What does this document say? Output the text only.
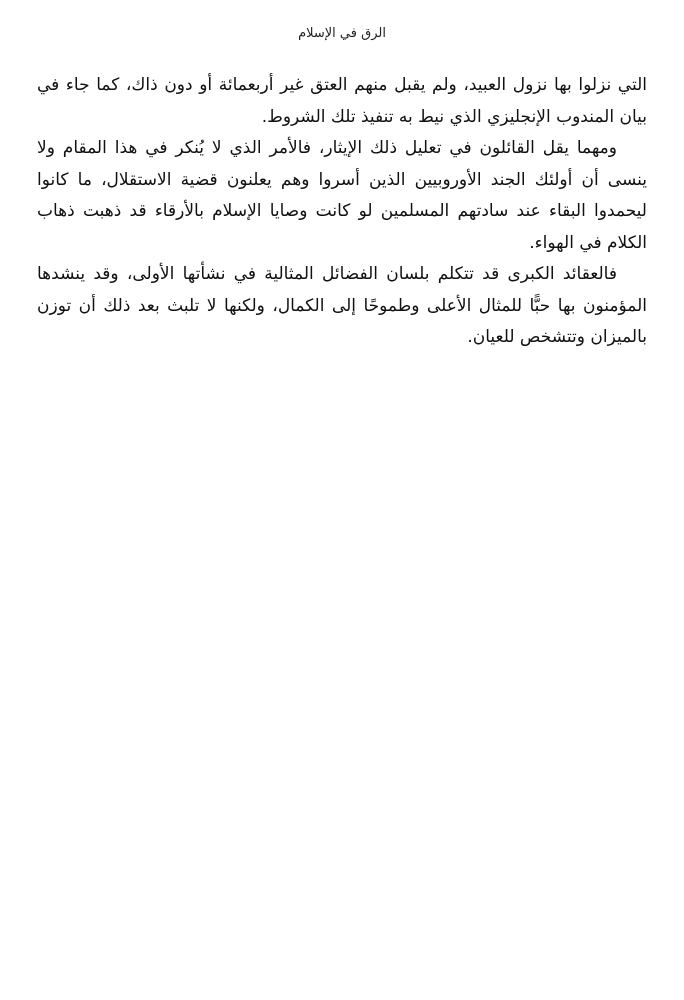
الرق في الإسلام

التي نزلوا بها نزول العبيد، ولم يقبل منهم العتق غير أربعمائة أو دون ذاك، كما جاء في بيان المندوب الإنجليزي الذي نيط به تنفيذ تلك الشروط.

ومهما يقل القائلون في تعليل ذلك الإيثار، فالأمر الذي لا يُنكر في هذا المقام ولا ينسى أن أولئك الجند الأوروبيين الذين أسروا وهم يعلنون قضية الاستقلال، ما كانوا ليحمدوا البقاء عند سادتهم المسلمين لو كانت وصايا الإسلام بالأرقاء قد ذهبت ذهاب الكلام في الهواء.

فالعقائد الكبرى قد تتكلم بلسان الفضائل المثالية في نشأتها الأولى، وقد ينشدها المؤمنون بها حبًّا للمثال الأعلى وطموحًا إلى الكمال، ولكنها لا تلبث بعد ذلك أن توزن بالميزان وتتشخص للعيان.
